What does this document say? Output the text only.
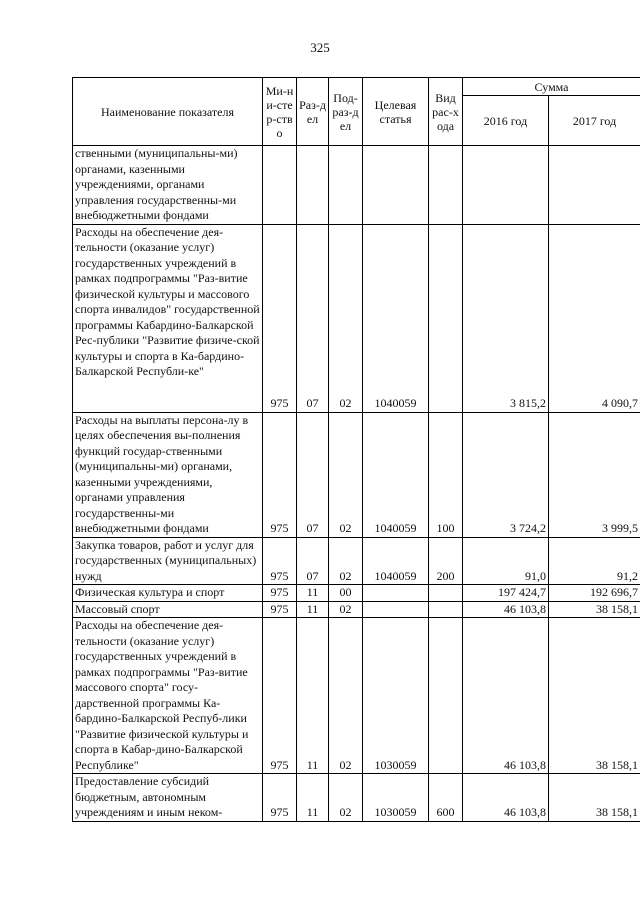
325
Наименование показателя	Ми-ни-стер-ство	Раз-дел	Под-раз-дел	Целевая статья	Вид рас-хода	Сумма	
						2016 год	2017 год
ственными (муниципальны-ми) органами, казенными учреждениями, органами управления государственны-ми внебюджетными фондами							
Расходы на обеспечение дея-тельности (оказание услуг) государственных учреждений в рамках подпрограммы "Раз-витие физической культуры и массового спорта инвалидов" государственной программы Кабардино-Балкарской Рес-публики "Развитие физиче-ской культуры и спорта в Ка-бардино-Балкарской Республи-ке"	975	07	02	1040059		3 815,2	4 090,7
Расходы на выплаты персона-лу в целях обеспечения вы-полнения функций государ-ственными (муниципальны-ми) органами, казенными учреждениями, органами управления государственны-ми внебюджетными фондами	975	07	02	1040059	100	3 724,2	3 999,5
Закупка товаров, работ и услуг для государственных (муниципальных) нужд	975	07	02	1040059	200	91,0	91,2
Физическая культура и спорт	975	11	00			197 424,7	192 696,7
Массовый спорт	975	11	02			46 103,8	38 158,1
Расходы на обеспечение дея-тельности (оказание услуг) государственных учреждений в рамках подпрограммы "Раз-витие массового спорта" госу-дарственной программы Ка-бардино-Балкарской Респуб-лики "Развитие физической культуры и спорта в Кабар-дино-Балкарской Республике"	975	11	02	1030059		46 103,8	38 158,1
Предоставление субсидий бюджетным, автономным учреждениям и иным неком-	975	11	02	1030059	600	46 103,8	38 158,1
